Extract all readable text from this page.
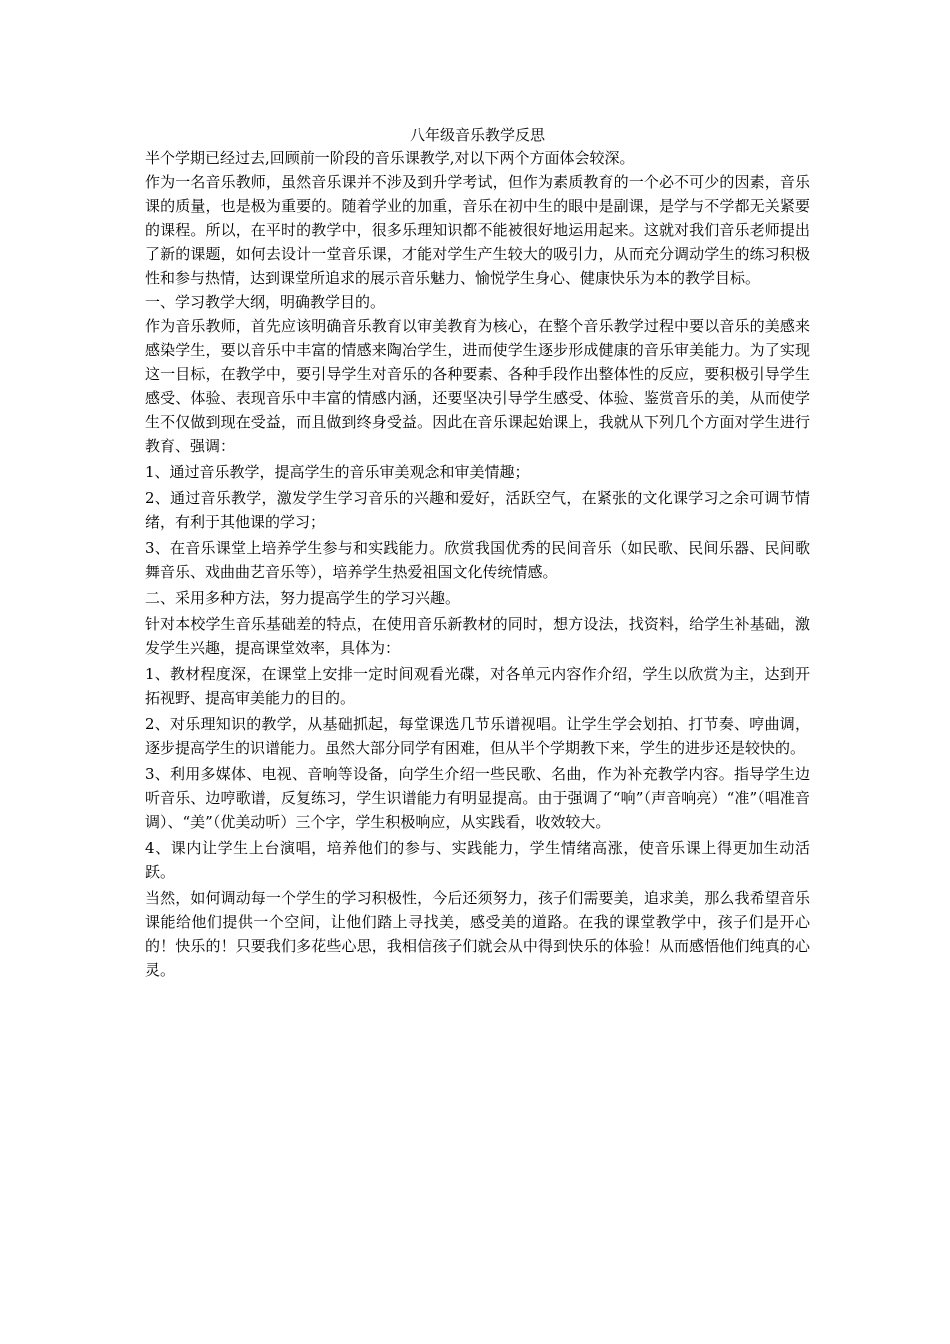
八年级音乐教学反思

半个学期已经过去,回顾前一阶段的音乐课教学,对以下两个方面体会较深。

作为一名音乐教师，虽然音乐课并不涉及到升学考试，但作为素质教育的一个必不可少的因素，音乐课的质量，也是极为重要的。随着学业的加重，音乐在初中生的眼中是副课，是学与不学都无关紧要的课程。所以，在平时的教学中，很多乐理知识都不能被很好地运用起来。这就对我们音乐老师提出了新的课题，如何去设计一堂音乐课，才能对学生产生较大的吸引力，从而充分调动学生的练习积极性和参与热情，达到课堂所追求的展示音乐魅力、愉悦学生身心、健康快乐为本的教学目标。

一、学习教学大纲，明确教学目的。

作为音乐教师，首先应该明确音乐教育以审美教育为核心，在整个音乐教学过程中要以音乐的美感来感染学生，要以音乐中丰富的情感来陶冶学生，进而使学生逐步形成健康的音乐审美能力。为了实现这一目标，在教学中，要引导学生对音乐的各种要素、各种手段作出整体性的反应，要积极引导学生感受、体验、表现音乐中丰富的情感内涵，还要坚决引导学生感受、体验、鉴赏音乐的美，从而使学生不仅做到现在受益，而且做到终身受益。因此在音乐课起始课上，我就从下列几个方面对学生进行教育、强调：

1、通过音乐教学，提高学生的音乐审美观念和审美情趣；

2、通过音乐教学，激发学生学习音乐的兴趣和爱好，活跃空气，在紧张的文化课学习之余可调节情绪，有利于其他课的学习；

3、在音乐课堂上培养学生参与和实践能力。欣赏我国优秀的民间音乐（如民歌、民间乐器、民间歌舞音乐、戏曲曲艺音乐等），培养学生热爱祖国文化传统情感。

二、采用多种方法，努力提高学生的学习兴趣。

针对本校学生音乐基础差的特点，在使用音乐新教材的同时，想方设法，找资料，给学生补基础，激发学生兴趣，提高课堂效率，具体为：

1、教材程度深，在课堂上安排一定时间观看光碟，对各单元内容作介绍，学生以欣赏为主，达到开拓视野、提高审美能力的目的。

2、对乐理知识的教学，从基础抓起，每堂课选几节乐谱视唱。让学生学会划拍、打节奏、哼曲调，逐步提高学生的识谱能力。虽然大部分同学有困难，但从半个学期教下来，学生的进步还是较快的。

3、利用多媒体、电视、音响等设备，向学生介绍一些民歌、名曲，作为补充教学内容。指导学生边听音乐、边哼歌谱，反复练习，学生识谱能力有明显提高。由于强调了“响”（声音响亮）“准”（唱准音调）、“美”（优美动听）三个字，学生积极响应，从实践看，收效较大。

4、课内让学生上台演唱，培养他们的参与、实践能力，学生情绪高涨，使音乐课上得更加生动活跃。

当然，如何调动每一个学生的学习积极性，今后还须努力，孩子们需要美，追求美，那么我希望音乐课能给他们提供一个空间，让他们踏上寻找美，感受美的道路。在我的课堂教学中，孩子们是开心的！快乐的！只要我们多花些心思，我相信孩子们就会从中得到快乐的体验！从而感悟他们纯真的心灵。
